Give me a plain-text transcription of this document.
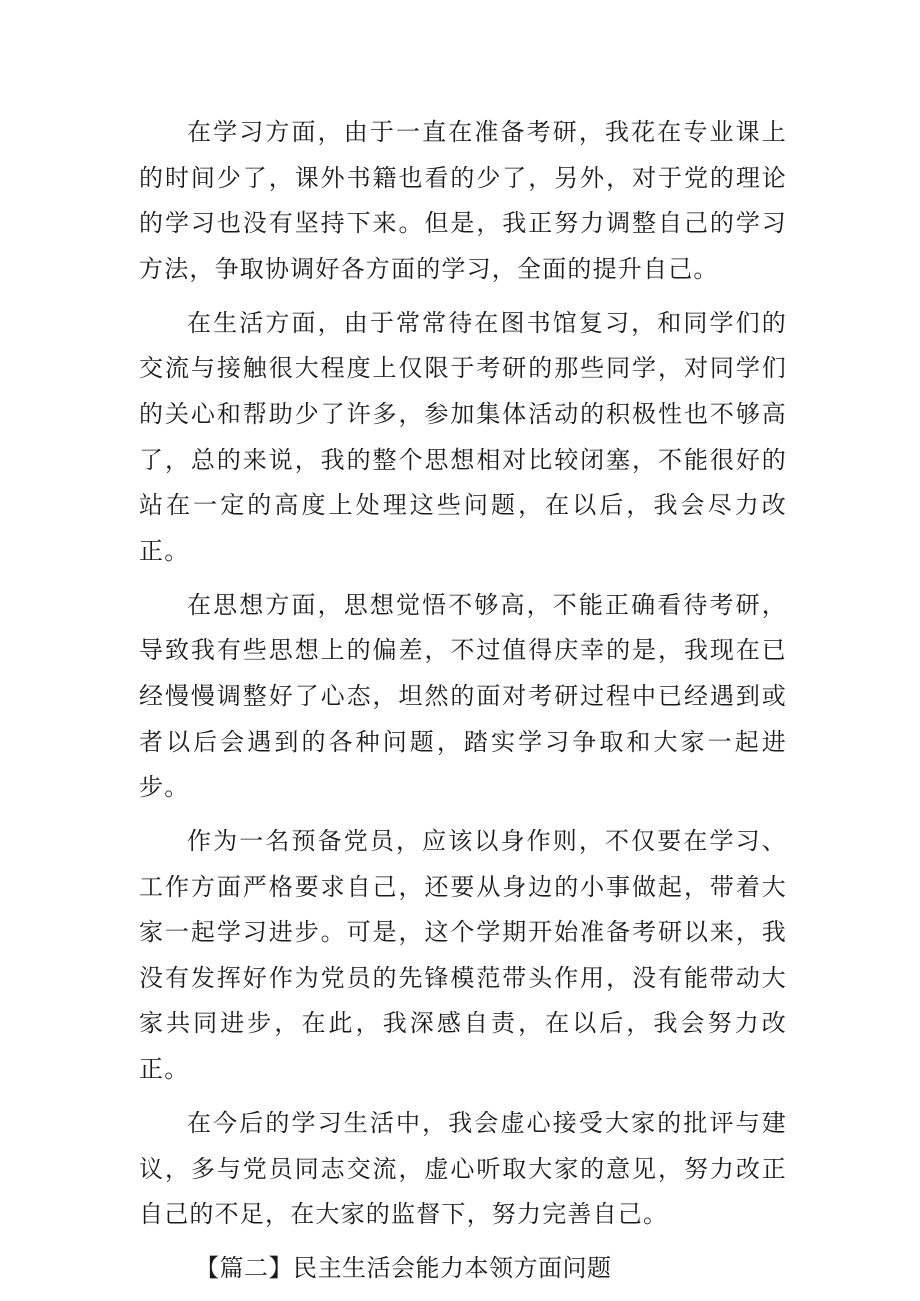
在学习方面，由于一直在准备考研，我花在专业课上的时间少了，课外书籍也看的少了，另外，对于党的理论的学习也没有坚持下来。但是，我正努力调整自己的学习方法，争取协调好各方面的学习，全面的提升自己。

在生活方面，由于常常待在图书馆复习，和同学们的交流与接触很大程度上仅限于考研的那些同学，对同学们的关心和帮助少了许多，参加集体活动的积极性也不够高了，总的来说，我的整个思想相对比较闭塞，不能很好的站在一定的高度上处理这些问题，在以后，我会尽力改正。

在思想方面，思想觉悟不够高，不能正确看待考研，导致我有些思想上的偏差，不过值得庆幸的是，我现在已经慢慢调整好了心态，坦然的面对考研过程中已经遇到或者以后会遇到的各种问题，踏实学习争取和大家一起进步。

作为一名预备党员，应该以身作则，不仅要在学习、工作方面严格要求自己，还要从身边的小事做起，带着大家一起学习进步。可是，这个学期开始准备考研以来，我没有发挥好作为党员的先锋模范带头作用，没有能带动大家共同进步，在此，我深感自责，在以后，我会努力改正。

在今后的学习生活中，我会虚心接受大家的批评与建议，多与党员同志交流，虚心听取大家的意见，努力改正自己的不足，在大家的监督下，努力完善自己。

【篇二】民主生活会能力本领方面问题
